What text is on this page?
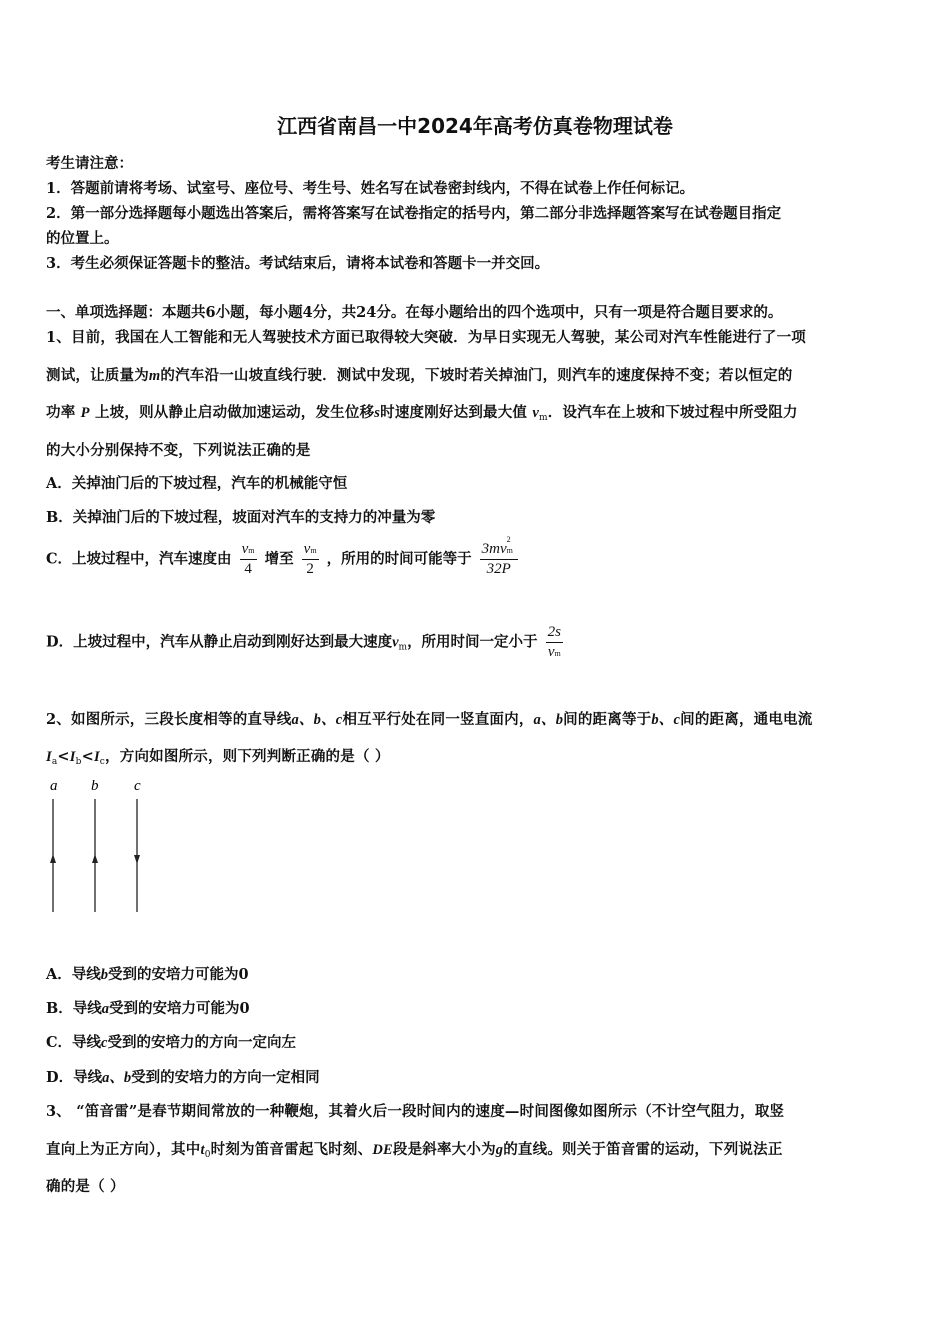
江西省南昌一中2024年高考仿真卷物理试卷
考生请注意：
1．答题前请将考场、试室号、座位号、考生号、姓名写在试卷密封线内，不得在试卷上作任何标记。
2．第一部分选择题每小题选出答案后，需将答案写在试卷指定的括号内，第二部分非选择题答案写在试卷题目指定
的位置上。
3．考生必须保证答题卡的整洁。考试结束后，请将本试卷和答题卡一并交回。
一、单项选择题：本题共6小题，每小题4分，共24分。在每小题给出的四个选项中，只有一项是符合题目要求的。
1、目前，我国在人工智能和无人驾驶技术方面已取得较大突破．为早日实现无人驾驶，某公司对汽车性能进行了一项
测试，让质量为m的汽车沿一山坡直线行驶．测试中发现，下坡时若关掉油门，则汽车的速度保持不变；若以恒定的
功率 P 上坡，则从静止启动做加速运动，发生位移s时速度刚好达到最大值 $v_m$．设汽车在上坡和下坡过程中所受阻力
的大小分别保持不变，下列说法正确的是
A．关掉油门后的下坡过程，汽车的机械能守恒
B．关掉油门后的下坡过程，坡面对汽车的支持力的冲量为零
C．上坡过程中，汽车速度由 $\frac{vm}{4}$ 增至 $\frac{vm}{2}$ ，所用的时间可能等于 3mv
2
m
32P
D．上坡过程中，汽车从静止启动到刚好达到最大速度$v_m$，所用时间一定小于 $\frac{2s}{vm}$
2、如图所示，三段长度相等的直导线a、b、c相互平行处在同一竖直面内，a、b间的距离等于b、c间的距离，通电电流
$I_a<I_b<I_c$，方向如图所示，则下列判断正确的是（ ）
a b c
A．导线b受到的安培力可能为0
B．导线a受到的安培力可能为0
C．导线c受到的安培力的方向一定向左
D．导线a、b受到的安培力的方向一定相同
3、 “笛音雷”是春节期间常放的一种鞭炮，其着火后一段时间内的速度—时间图像如图所示（不计空气阻力，取竖
直向上为正方向），其中$t_0$时刻为笛音雷起飞时刻、DE段是斜率大小为g的直线。则关于笛音雷的运动，下列说法正
确的是（ ）
